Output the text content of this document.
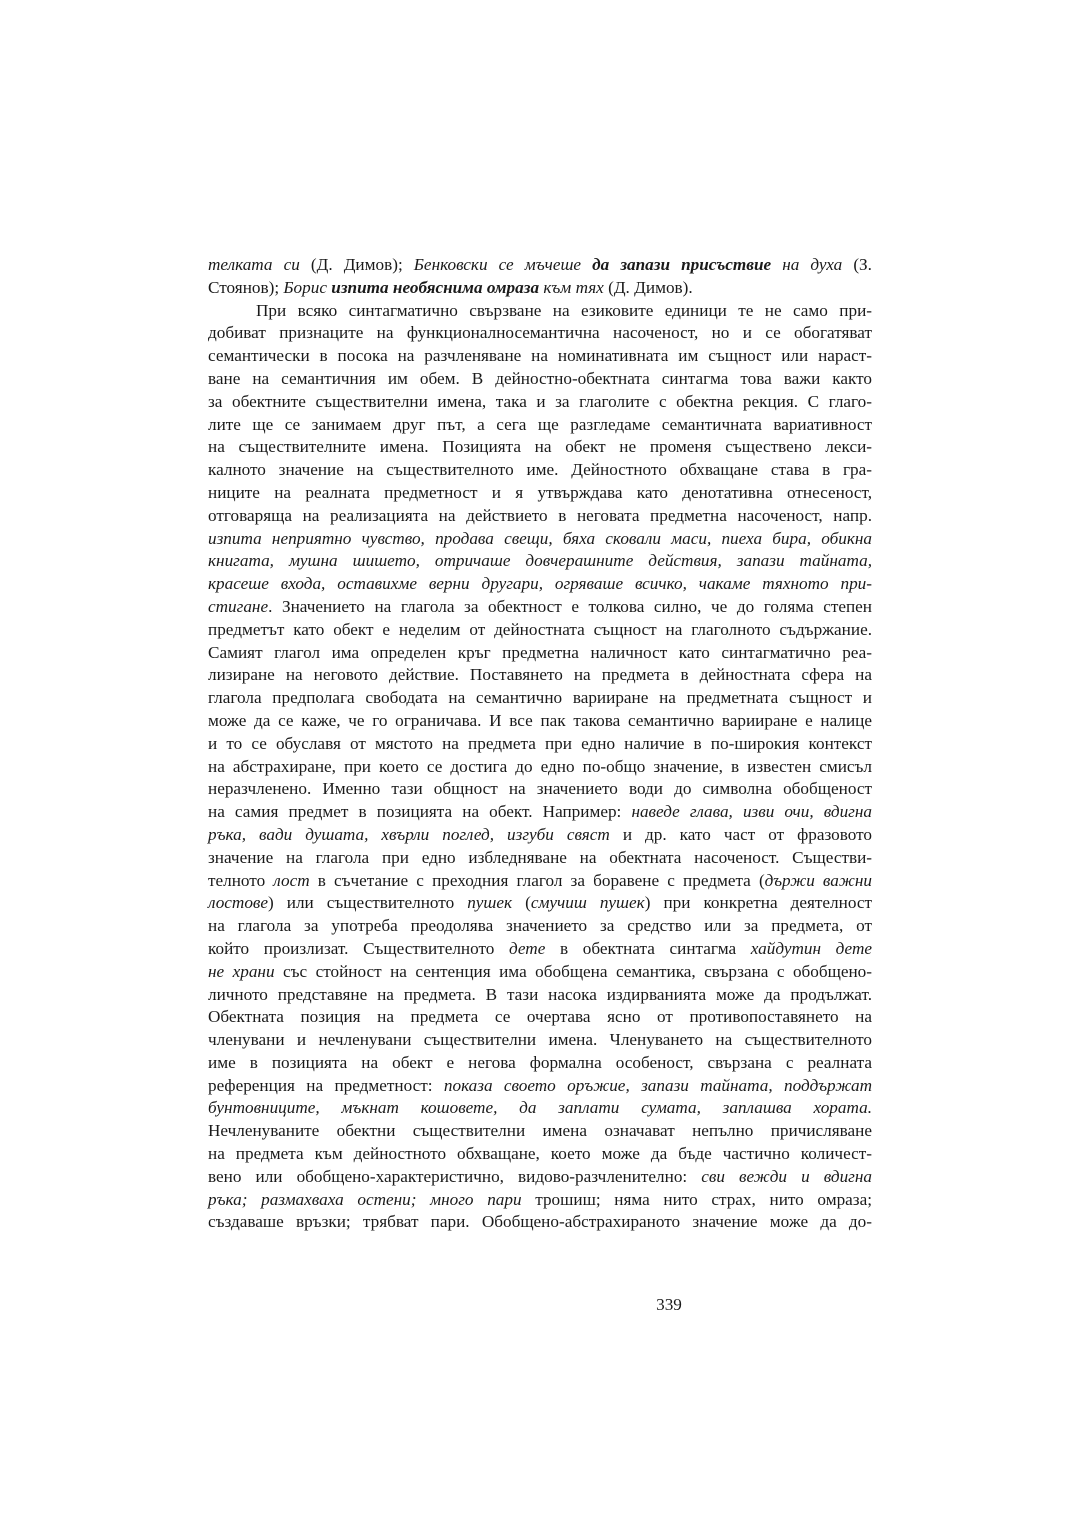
телката си (Д. Димов); Бенковски се мъчеше да запази присъствие на духа (З.
Стоянов); Борис изпита необяснима омраза към тях (Д. Димов).
При всяко синтагматично свързване на езиковите единици те не само при-
добиват признаците на функционалносемантична насоченост, но и се обогатяват
семантически в посока на разчленяване на номинативната им същност или нараст-
ване на семантичния им обем. В дейностно-обектната синтагма това важи както
за обектните съществителни имена, така и за глаголите с обектна рекция. С глаго-
лите ще се занимаем друг път, а сега ще разгледаме семантичната вариативност
на съществителните имена. Позицията на обект не променя съществено лекси-
калното значение на съществителното име. Дейностното обхващане става в гра-
ниците на реалната предметност и я утвърждава като денотативна отнесеност,
отговаряща на реализацията на действието в неговата предметна насоченост, напр.
изпита неприятно чувство, продава свещи, бяха сковали маси, пиеха бира, обикна
книгата, мушна шишето, отричаше довчерашните действия, запази тайната,
красеше входа, оставихме верни другари, огряваше всичко, чакаме тяхното при-
стигане. Значението на глагола за обектност е толкова силно, че до голяма степен
предметът като обект е неделим от дейностната същност на глаголното съдържание.
Самият глагол има определен кръг предметна наличност като синтагматично реа-
лизиране на неговото действие. Поставянето на предмета в дейностната сфера на
глагола предполага свободата на семантично варииране на предметната същност и
може да се каже, че го ограничава. И все пак такова семантично варииране е налице
и то се обуславя от мястото на предмета при едно наличие в по-широкия контекст
на абстрахиране, при което се достига до едно по-общо значение, в известен смисъл
неразчленено. Именно тази общност на значението води до символна обобщеност
на самия предмет в позицията на обект. Например: наведе глава, изви очи, вдигна
ръка, вади душата, хвърли поглед, изгуби свяст и др. като част от фразовото
значение на глагола при едно избледняване на обектната насоченост. Съществи-
телното лост в съчетание с преходния глагол за боравене с предмета (държи важни
лостове) или съществителното пушек (смучиш пушек) при конкретна деятелност
на глагола за употреба преодолява значението за средство или за предмета, от
който произлизат. Съществителното дете в обектната синтагма хайдутин дете
не храни със стойност на сентенция има обобщена семантика, свързана с обобщено-
личното представяне на предмета. В тази насока издирванията може да продължат.
Обектната позиция на предмета се очертава ясно от противопоставянето на
членувани и нечленувани съществителни имена. Членуването на съществителното
име в позицията на обект е негова формална особеност, свързана с реалната
референция на предметност: показа своето оръжие, запази тайната, поддържат
бунтовниците, мъкнат кошовете, да заплати сумата, заплашва хората.
Нечленуваните обектни съществителни имена означават непълно причисляване
на предмета към дейностното обхващане, което може да бъде частично количест-
вено или обобщено-характеристично, видово-разчленително: сви вежди и вдигна
ръка; размахваха остени; много пари трошиш; няма нито страх, нито омраза;
създаваше връзки; трябват пари. Обобщено-абстрахираното значение може да до-
339
